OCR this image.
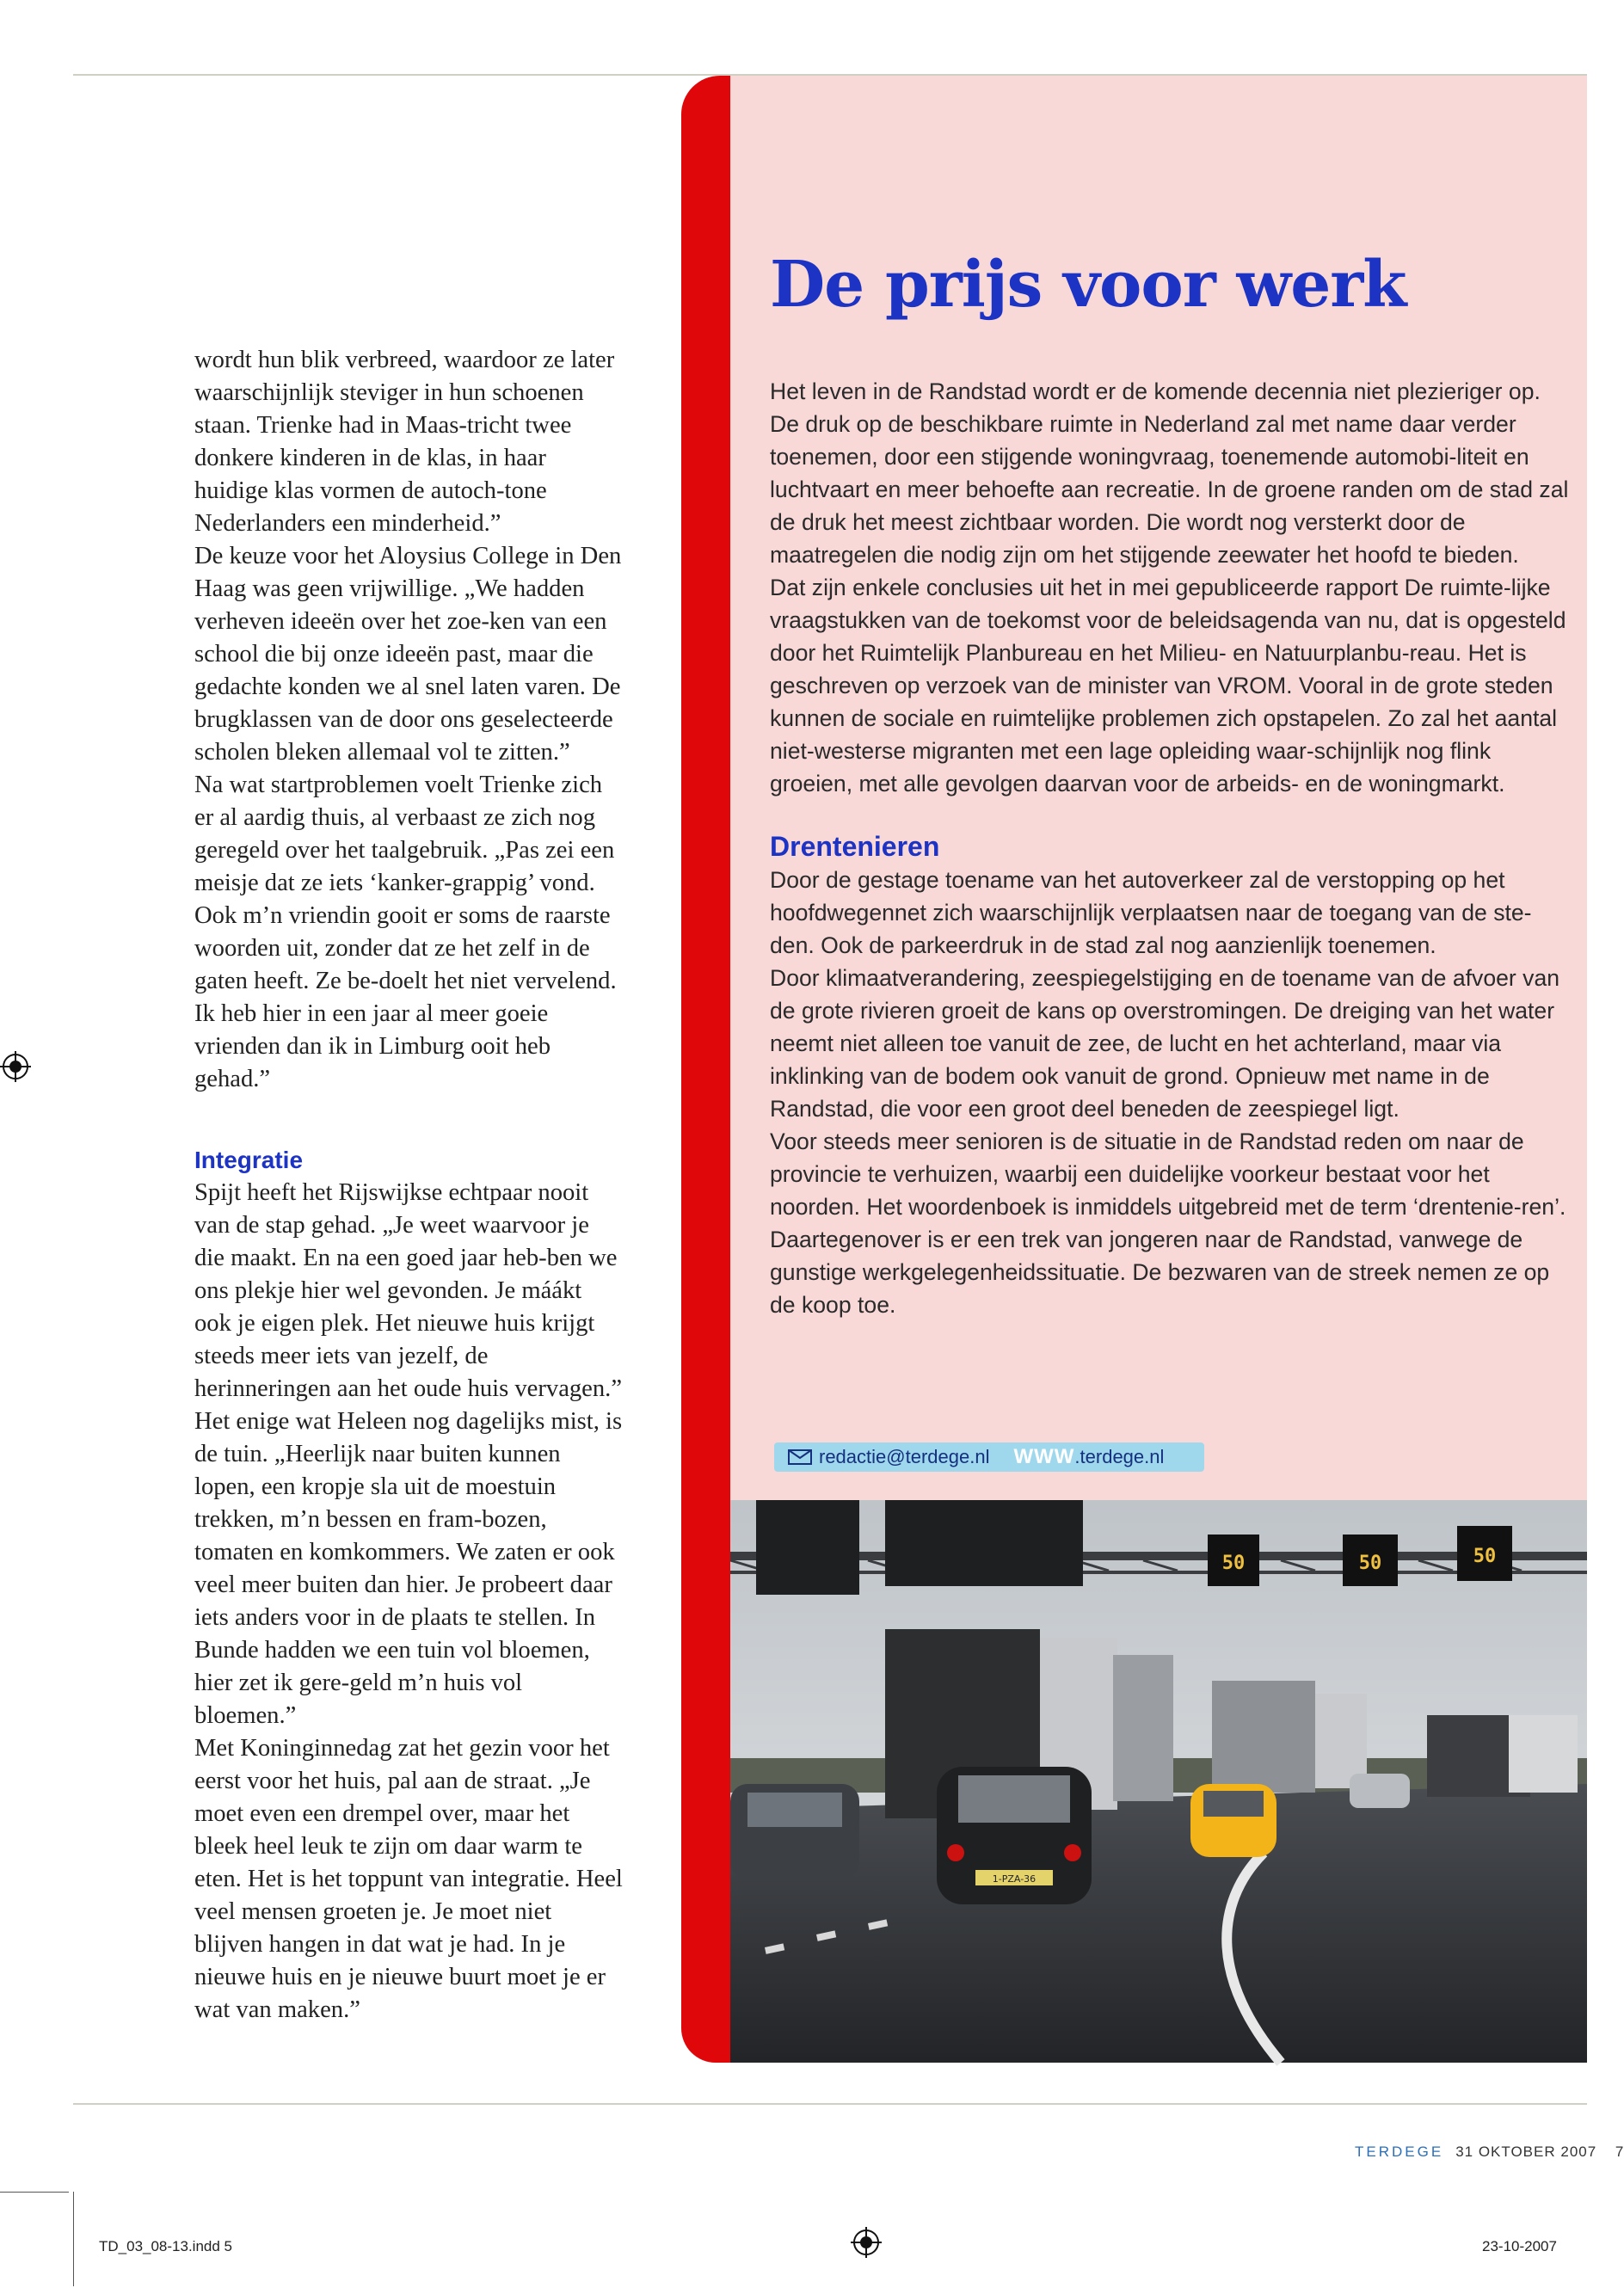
wordt hun blik verbreed, waardoor ze later waarschijnlijk steviger in hun schoenen staan. Trienke had in Maas-tricht twee donkere kinderen in de klas, in haar huidige klas vormen de autoch-tone Nederlanders een minderheid.”

De keuze voor het Aloysius College in Den Haag was geen vrijwillige. „We hadden verheven ideeën over het zoe-ken van een school die bij onze ideeën past, maar die gedachte konden we al snel laten varen. De brugklassen van de door ons geselecteerde scholen bleken allemaal vol te zitten.”

Na wat startproblemen voelt Trienke zich er al aardig thuis, al verbaast ze zich nog geregeld over het taalgebruik. „Pas zei een meisje dat ze iets ‘kanker-grappig’ vond. Ook m’n vriendin gooit er soms de raarste woorden uit, zonder dat ze het zelf in de gaten heeft. Ze be-doelt het niet vervelend. Ik heb hier in een jaar al meer goeie vrienden dan ik in Limburg ooit heb gehad.”

Integratie

Spijt heeft het Rijswijkse echtpaar nooit van de stap gehad. „Je weet waarvoor je die maakt. En na een goed jaar heb-ben we ons plekje hier wel gevonden. Je máákt ook je eigen plek. Het nieuwe huis krijgt steeds meer iets van jezelf, de herinneringen aan het oude huis vervagen.”

Het enige wat Heleen nog dagelijks mist, is de tuin. „Heerlijk naar buiten kunnen lopen, een kropje sla uit de moestuin trekken, m’n bessen en fram-bozen, tomaten en komkommers. We zaten er ook veel meer buiten dan hier. Je probeert daar iets anders voor in de plaats te stellen. In Bunde hadden we een tuin vol bloemen, hier zet ik gere-geld m’n huis vol bloemen.”

Met Koninginnedag zat het gezin voor het eerst voor het huis, pal aan de straat. „Je moet even een drempel over, maar het bleek heel leuk te zijn om daar warm te eten. Het is het toppunt van integratie. Heel veel mensen groeten je. Je moet niet blijven hangen in dat wat je had. In je nieuwe huis en je nieuwe buurt moet je er wat van maken.”

De prijs voor werk

Het leven in de Randstad wordt er de komende decennia niet plezieriger op. De druk op de beschikbare ruimte in Nederland zal met name daar verder toenemen, door een stijgende woningvraag, toenemende automobi-liteit en luchtvaart en meer behoefte aan recreatie. In de groene randen om de stad zal de druk het meest zichtbaar worden. Die wordt nog versterkt door de maatregelen die nodig zijn om het stijgende zeewater het hoofd te bieden.

Dat zijn enkele conclusies uit het in mei gepubliceerde rapport De ruimte-lijke vraagstukken van de toekomst voor de beleidsagenda van nu, dat is opgesteld door het Ruimtelijk Planbureau en het Milieu- en Natuurplanbu-reau. Het is geschreven op verzoek van de minister van VROM. Vooral in de grote steden kunnen de sociale en ruimtelijke problemen zich opstapelen. Zo zal het aantal niet-westerse migranten met een lage opleiding waar-schijnlijk nog flink groeien, met alle gevolgen daarvan voor de arbeids- en de woningmarkt.

Drentenieren

Door de gestage toename van het autoverkeer zal de verstopping op het hoofdwegennet zich waarschijnlijk verplaatsen naar de toegang van de ste-den. Ook de parkeerdruk in de stad zal nog aanzienlijk toenemen.

Door klimaatverandering, zeespiegelstijging en de toename van de afvoer van de grote rivieren groeit de kans op overstromingen. De dreiging van het water neemt niet alleen toe vanuit de zee, de lucht en het achterland, maar via inklinking van de bodem ook vanuit de grond. Opnieuw met name in de Randstad, die voor een groot deel beneden de zeespiegel ligt.

Voor steeds meer senioren is de situatie in de Randstad reden om naar de provincie te verhuizen, waarbij een duidelijke voorkeur bestaat voor het noorden. Het woordenboek is inmiddels uitgebreid met de term ‘drentenie-ren’. Daartegenover is er een trek van jongeren naar de Randstad, vanwege de gunstige werkgelegenheidssituatie. De bezwaren van de streek nemen ze op de koop toe.

redactie@terdege.nl	WWW.terdege.nl
50	50	50
1-PZA-36
TERDEGE 31 OKTOBER 2007 7
TD_03_08-13.indd 5	23-10-2007
